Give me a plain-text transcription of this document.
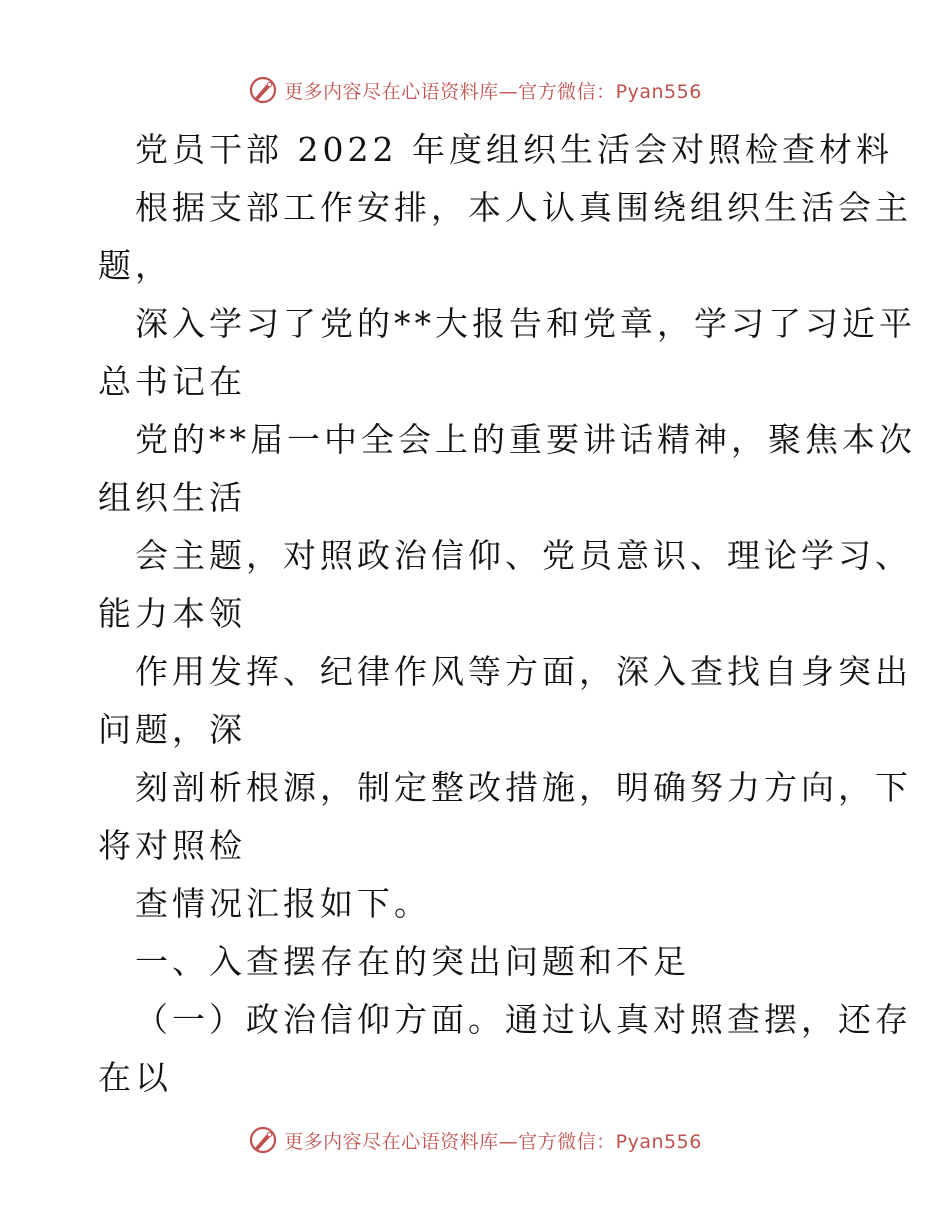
更多内容尽在心语资料库—官方微信：Pyan556
党员干部 2022 年度组织生活会对照检查材料
根据支部工作安排，本人认真围绕组织生活会主
题，
深入学习了党的**大报告和党章，学习了习近平
总书记在
党的**届一中全会上的重要讲话精神，聚焦本次
组织生活
会主题，对照政治信仰、党员意识、理论学习、
能力本领
作用发挥、纪律作风等方面，深入查找自身突出
问题，深
刻剖析根源，制定整改措施，明确努力方向，下
将对照检
查情况汇报如下。
一、入查摆存在的突出问题和不足
（一）政治信仰方面。通过认真对照查摆，还存
在以
更多内容尽在心语资料库—官方微信：Pyan556
